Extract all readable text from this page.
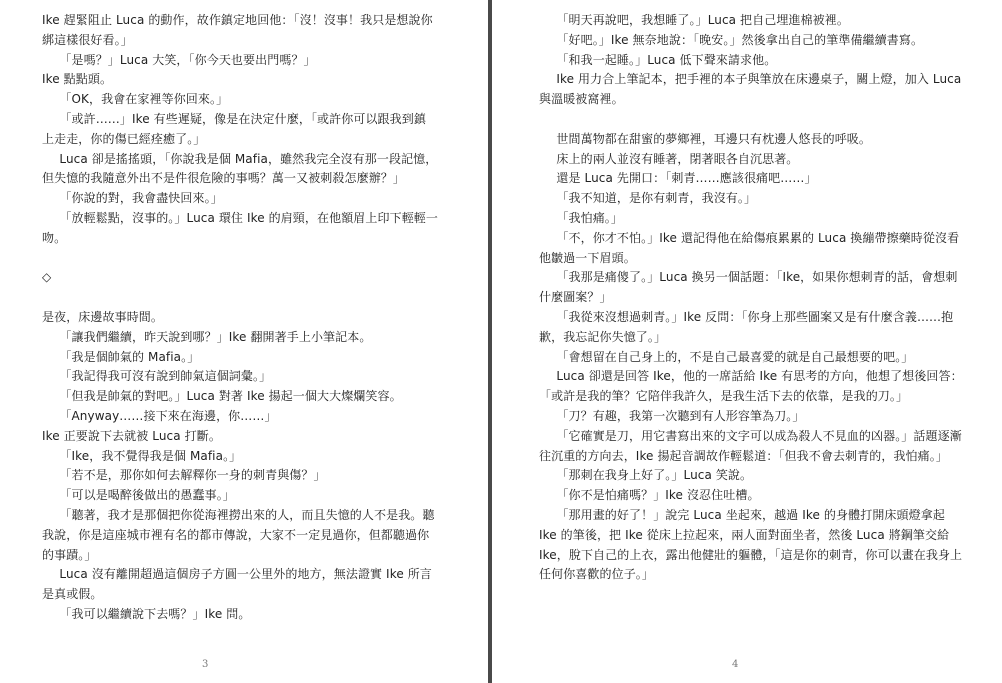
Ike 趕緊阻止 Luca 的動作，故作鎮定地回他：「沒！沒事！我只是想說你綁這樣很好看。」
「是嗎？」Luca 大笑，「你今天也要出門嗎？」
Ike 點點頭。
「OK，我會在家裡等你回來。」
「或許……」Ike 有些遲疑，像是在決定什麼，「或許你可以跟我到鎮上走走，你的傷已經痊癒了。」
Luca 卻是搖搖頭，「你說我是個 Mafia，雖然我完全沒有那一段記憶，但失憶的我隨意外出不是件很危險的事嗎？萬一又被刺殺怎麼辦？」
「你說的對，我會盡快回來。」
「放輕鬆點，沒事的。」Luca 環住 Ike 的肩頸，在他額眉上印下輕輕一吻。
◇
是夜，床邊故事時間。
「讓我們繼續，昨天說到哪？」Ike 翻開著手上小筆記本。
「我是個帥氣的 Mafia。」
「我記得我可沒有說到帥氣這個詞彙。」
「但我是帥氣的對吧。」Luca 對著 Ike 揚起一個大大燦爛笑容。
「Anyway……接下來在海邊，你……」
Ike 正要說下去就被 Luca 打斷。
「Ike，我不覺得我是個 Mafia。」
「若不是，那你如何去解釋你一身的刺青與傷？」
「可以是喝醉後做出的愚蠢事。」
「聽著，我才是那個把你從海裡撈出來的人，而且失憶的人不是我。聽我說，你是這座城市裡有名的都市傳說，大家不一定見過你，但都聽過你的事蹟。」
Luca 沒有離開超過這個房子方圓一公里外的地方，無法證實 Ike 所言是真或假。
「我可以繼續說下去嗎？」Ike 問。
3
「明天再說吧，我想睡了。」Luca 把自己埋進棉被裡。
「好吧。」Ike 無奈地說：「晚安。」然後拿出自己的筆準備繼續書寫。
「和我一起睡。」Luca 低下聲來請求他。
Ike 用力合上筆記本，把手裡的本子與筆放在床邊桌子，關上燈，加入 Luca 與溫暖被窩裡。
世間萬物都在甜蜜的夢鄉裡，耳邊只有枕邊人悠長的呼吸。
床上的兩人並沒有睡著，閉著眼各自沉思著。
還是 Luca 先開口：「刺青……應該很痛吧……」
「我不知道，是你有刺青，我沒有。」
「我怕痛。」
「不，你才不怕。」Ike 還記得他在給傷痕累累的 Luca 換繃帶擦藥時從沒看他皺過一下眉頭。
「我那是痛傻了。」Luca 換另一個話題：「Ike，如果你想刺青的話，會想刺什麼圖案？」
「我從來沒想過刺青。」Ike 反問：「你身上那些圖案又是有什麼含義……抱歉，我忘記你失憶了。」
「會想留在自己身上的，不是自己最喜愛的就是自己最想要的吧。」
Luca 卻還是回答 Ike，他的一席話給 Ike 有思考的方向，他想了想後回答：「或許是我的筆？它陪伴我許久，是我生活下去的依靠，是我的刀。」
「刀？有趣，我第一次聽到有人形容筆為刀。」
「它確實是刀，用它書寫出來的文字可以成為殺人不見血的凶器。」話題逐漸往沉重的方向去，Ike 揚起音調故作輕鬆道：「但我不會去刺青的，我怕痛。」
「那刺在我身上好了。」Luca 笑說。
「你不是怕痛嗎？」Ike 沒忍住吐槽。
「那用畫的好了！」說完 Luca 坐起來，越過 Ike 的身體打開床頭燈拿起 Ike 的筆後，把 Ike 從床上拉起來，兩人面對面坐者，然後 Luca 將鋼筆交給 Ike，脫下自己的上衣，露出他健壯的軀體，「這是你的刺青，你可以畫在我身上任何你喜歡的位子。」
4
